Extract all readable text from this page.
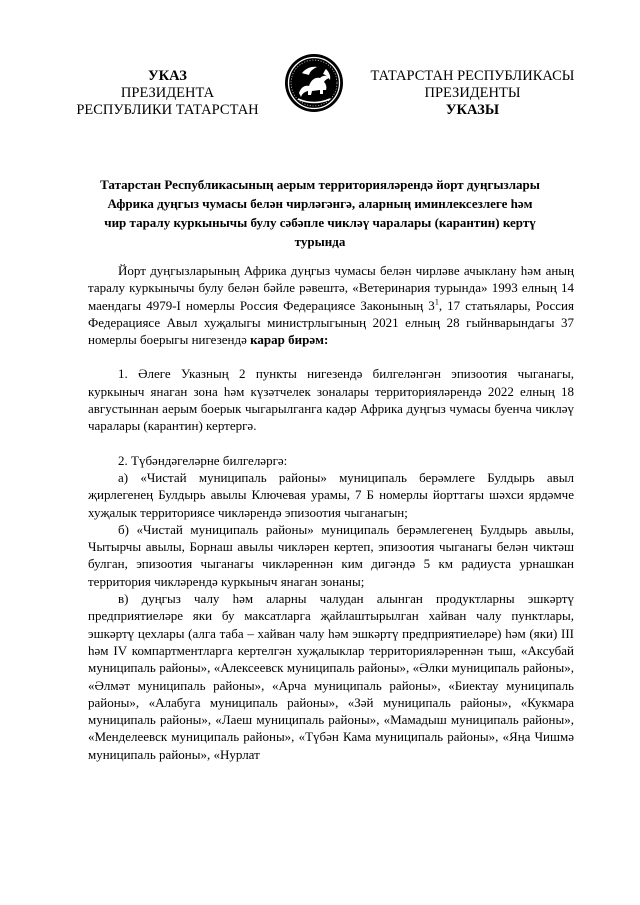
УКАЗ
ПРЕЗИДЕНТА
РЕСПУБЛИКИ ТАТАРСТАН
ТАТАРСТАН РЕСПУБЛИКАСЫ
ПРЕЗИДЕНТЫ
УКАЗЫ
Татарстан Республикасының аерым территорияләрендә йорт дуңгызлары Африка дуңгыз чумасы белән чирләгәнгә, аларның иминлексезлеге һәм чир таралу куркынычы булу сәбәпле чикләү чаралары (карантин) кертү турында

Йорт дуңгызларының Африка дуңгыз чумасы белән чирләве ачыклану һәм аның таралу куркынычы булу белән бәйле рәвештә, «Ветеринария турында» 1993 елның 14 маендагы 4979-I номерлы Россия Федерациясе Законының $3^1$, 17 статьялары, Россия Федерациясе Авыл хуҗалыгы министрлыгының 2021 елның 28 гыйнварындагы 37 номерлы боерыгы нигезендә карар бирәм:

1. Әлеге Указның 2 пункты нигезендә билгеләнгән эпизоотия чыганагы, куркыныч янаган зона һәм күзәтчелек зоналары территорияләрендә 2022 елның 18 августыннан аерым боерык чыгарылганга кадәр Африка дуңгыз чумасы буенча чикләү чаралары (карантин) кертергә.

2. Түбәндәгеләрне билгеләргә:

а) «Чистай муниципаль районы» муниципаль берәмлеге Булдырь авыл җирлегенең Булдырь авылы Ключевая урамы, 7 Б номерлы йорттагы шәхси ярдәмче хуҗалык территориясе чикләрендә эпизоотия чыганагын;

б) «Чистай муниципаль районы» муниципаль берәмлегенең Булдырь авылы, Чытырчы авылы, Борнаш авылы чикләрен кертеп, эпизоотия чыганагы белән чиктәш булган, эпизоотия чыганагы чикләреннән ким дигәндә 5 км радиуста урнашкан территория чикләрендә куркыныч янаган зонаны;

в) дуңгыз чалу һәм аларны чалудан алынган продуктларны эшкәртү предприятиеләре яки бу максатларга җайлаштырылган хайван чалу пунктлары, эшкәртү цехлары (алга таба – хайван чалу һәм эшкәртү предприятиеләре) һәм (яки) III һәм IV компартментларга кертелгән хуҗалыклар территорияләреннән тыш, «Аксубай муниципаль районы», «Алексеевск муниципаль районы», «Әлки муниципаль районы», «Әлмәт муниципаль районы», «Арча муниципаль районы», «Биектау муниципаль районы», «Алабуга муниципаль районы», «Зәй муниципаль районы», «Кукмара муниципаль районы», «Лаеш муниципаль районы», «Мамадыш муниципаль районы», «Менделеевск муниципаль районы», «Түбән Кама муниципаль районы», «Яңа Чишмә муниципаль районы», «Нурлат
